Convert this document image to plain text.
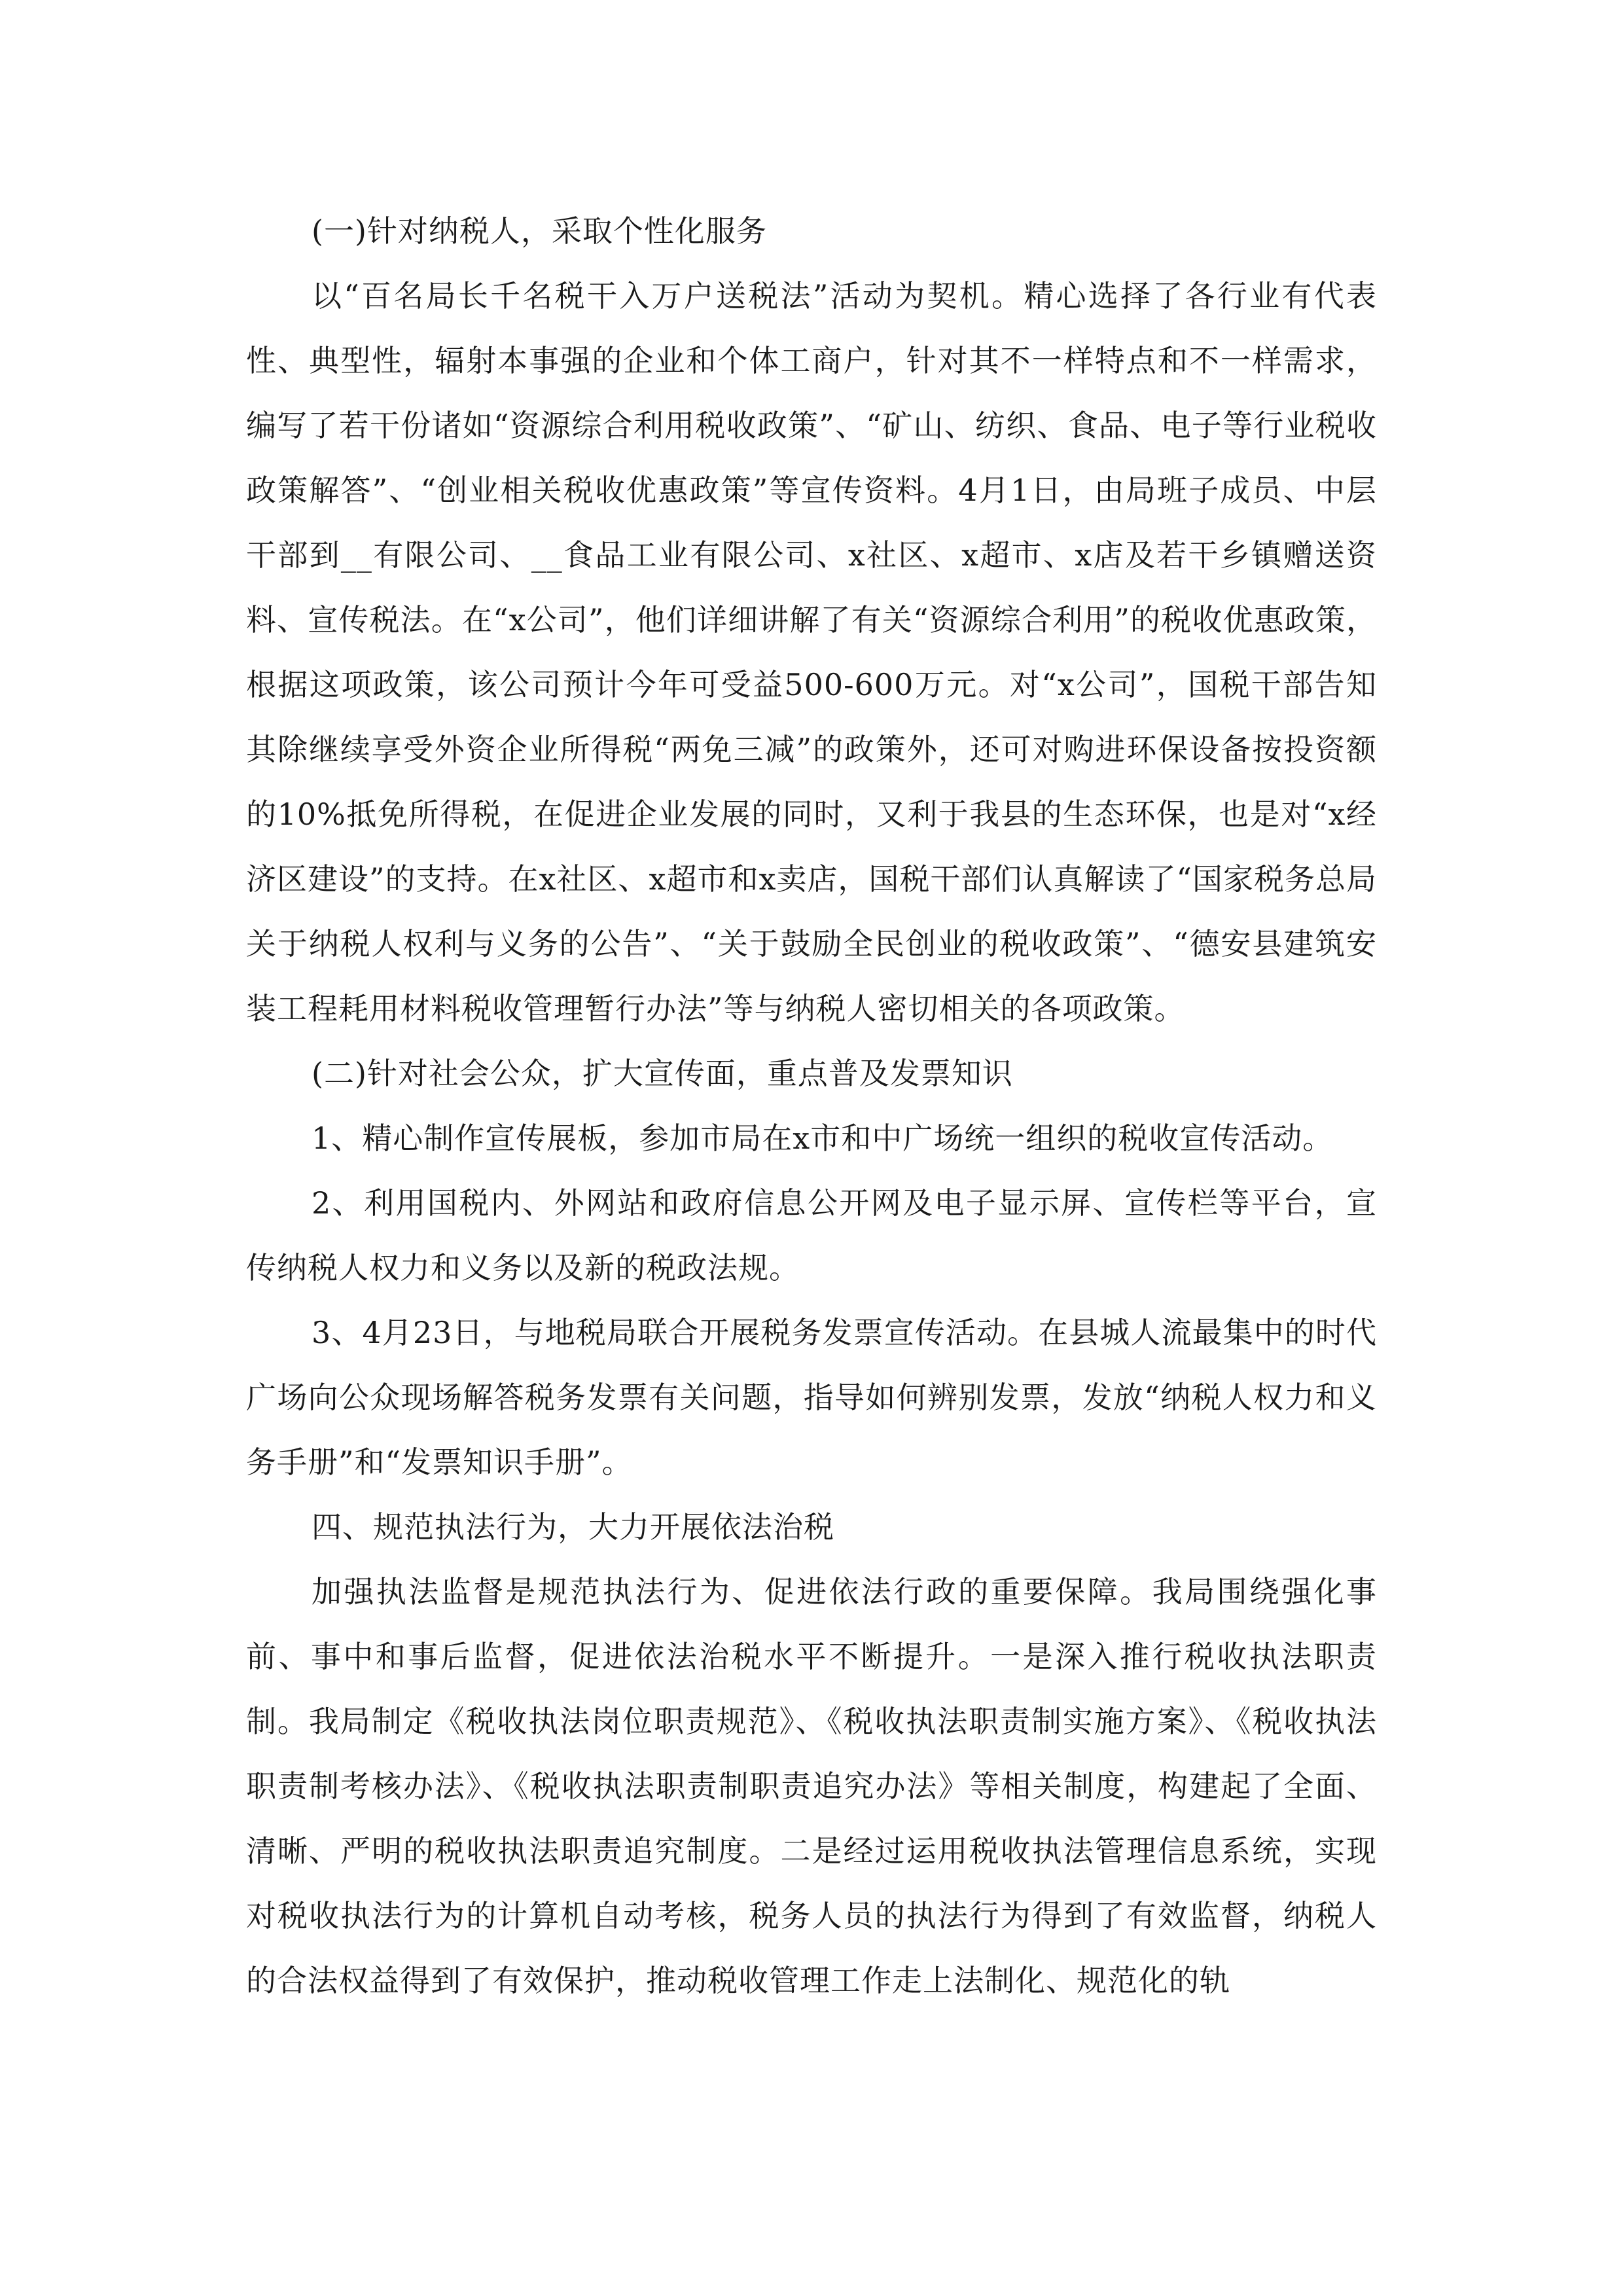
(一)针对纳税人，采取个性化服务

以“百名局长千名税干入万户送税法”活动为契机。精心选择了各行业有代表性、典型性，辐射本事强的企业和个体工商户，针对其不一样特点和不一样需求，编写了若干份诸如“资源综合利用税收政策”、“矿山、纺织、食品、电子等行业税收政策解答”、“创业相关税收优惠政策”等宣传资料。4月1日，由局班子成员、中层干部到__有限公司、__食品工业有限公司、x社区、x超市、x店及若干乡镇赠送资料、宣传税法。在“x公司”，他们详细讲解了有关“资源综合利用”的税收优惠政策，根据这项政策，该公司预计今年可受益500-600万元。对“x公司”，国税干部告知其除继续享受外资企业所得税“两免三减”的政策外，还可对购进环保设备按投资额的10%抵免所得税，在促进企业发展的同时，又利于我县的生态环保，也是对“x经济区建设”的支持。在x社区、x超市和x卖店，国税干部们认真解读了“国家税务总局关于纳税人权利与义务的公告”、“关于鼓励全民创业的税收政策”、“德安县建筑安装工程耗用材料税收管理暂行办法”等与纳税人密切相关的各项政策。

(二)针对社会公众，扩大宣传面，重点普及发票知识

1、精心制作宣传展板，参加市局在x市和中广场统一组织的税收宣传活动。

2、利用国税内、外网站和政府信息公开网及电子显示屏、宣传栏等平台，宣传纳税人权力和义务以及新的税政法规。

3、4月23日，与地税局联合开展税务发票宣传活动。在县城人流最集中的时代广场向公众现场解答税务发票有关问题，指导如何辨别发票，发放“纳税人权力和义务手册”和“发票知识手册”。

四、规范执法行为，大力开展依法治税

加强执法监督是规范执法行为、促进依法行政的重要保障。我局围绕强化事前、事中和事后监督，促进依法治税水平不断提升。一是深入推行税收执法职责制。我局制定《税收执法岗位职责规范》、《税收执法职责制实施方案》、《税收执法职责制考核办法》、《税收执法职责制职责追究办法》等相关制度，构建起了全面、清晰、严明的税收执法职责追究制度。二是经过运用税收执法管理信息系统，实现对税收执法行为的计算机自动考核，税务人员的执法行为得到了有效监督，纳税人的合法权益得到了有效保护，推动税收管理工作走上法制化、规范化的轨
